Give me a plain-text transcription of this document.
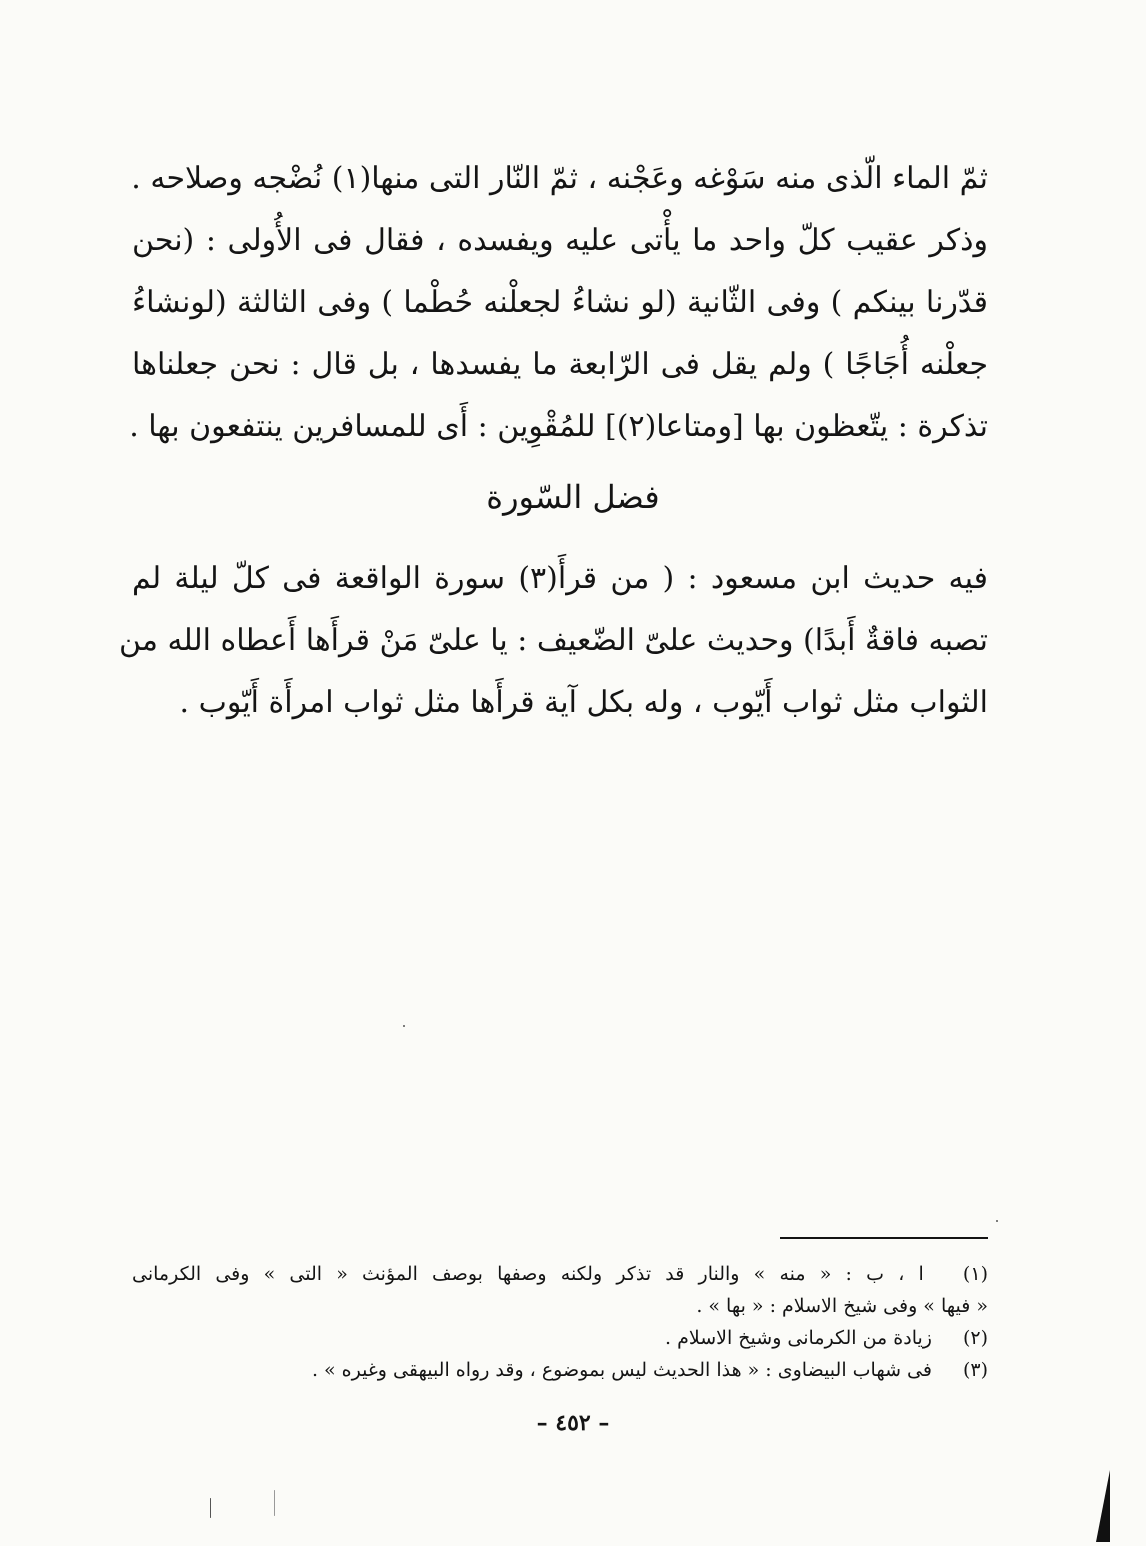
ثمّ الماء الّذى منه سَوْغه وعَجْنه ، ثمّ النّار التى منها(١) نُضْجه وصلاحه .
وذكر عقيب كلّ واحد ما يأْتى عليه ويفسده ، فقال فى الأُولى : (نحن
قدّرنا بينكم ) وفى الثّانية (لو نشاءُ لجعلْنه حُطْما ) وفى الثالثة (لونشاءُ
جعلْنه أُجَاجًا ) ولم يقل فى الرّابعة ما يفسدها ، بل قال : نحن جعلناها
تذكرة : يتّعظون بها [ومتاعا(٢)] للمُقْوِين : أَى للمسافرين ينتفعون بها .
فضل السّورة
فيه حديث ابن مسعود : ( من قرأَ(٣) سورة الواقعة فى كلّ ليلة لم
تصبه فاقةٌ أَبدًا) وحديث علىّ الضّعيف : يا علىّ مَنْ قرأَها أَعطاه الله من
الثواب مثل ثواب أَيّوب ، وله بكل آية قرأَها مثل ثواب امرأَة أَيّوب .
(١) ا ، ب : « منه » والنار قد تذكر ولكنه وصفها بوصف المؤنث « التى » وفى الكرمانى
« فيها » وفى شيخ الاسلام : « بها » .
(٢) زيادة من الكرمانى وشيخ الاسلام .
(٣) فى شهاب البيضاوى : « هذا الحديث ليس بموضوع ، وقد رواه البيهقى وغيره » .
– ٤٥٢ –
